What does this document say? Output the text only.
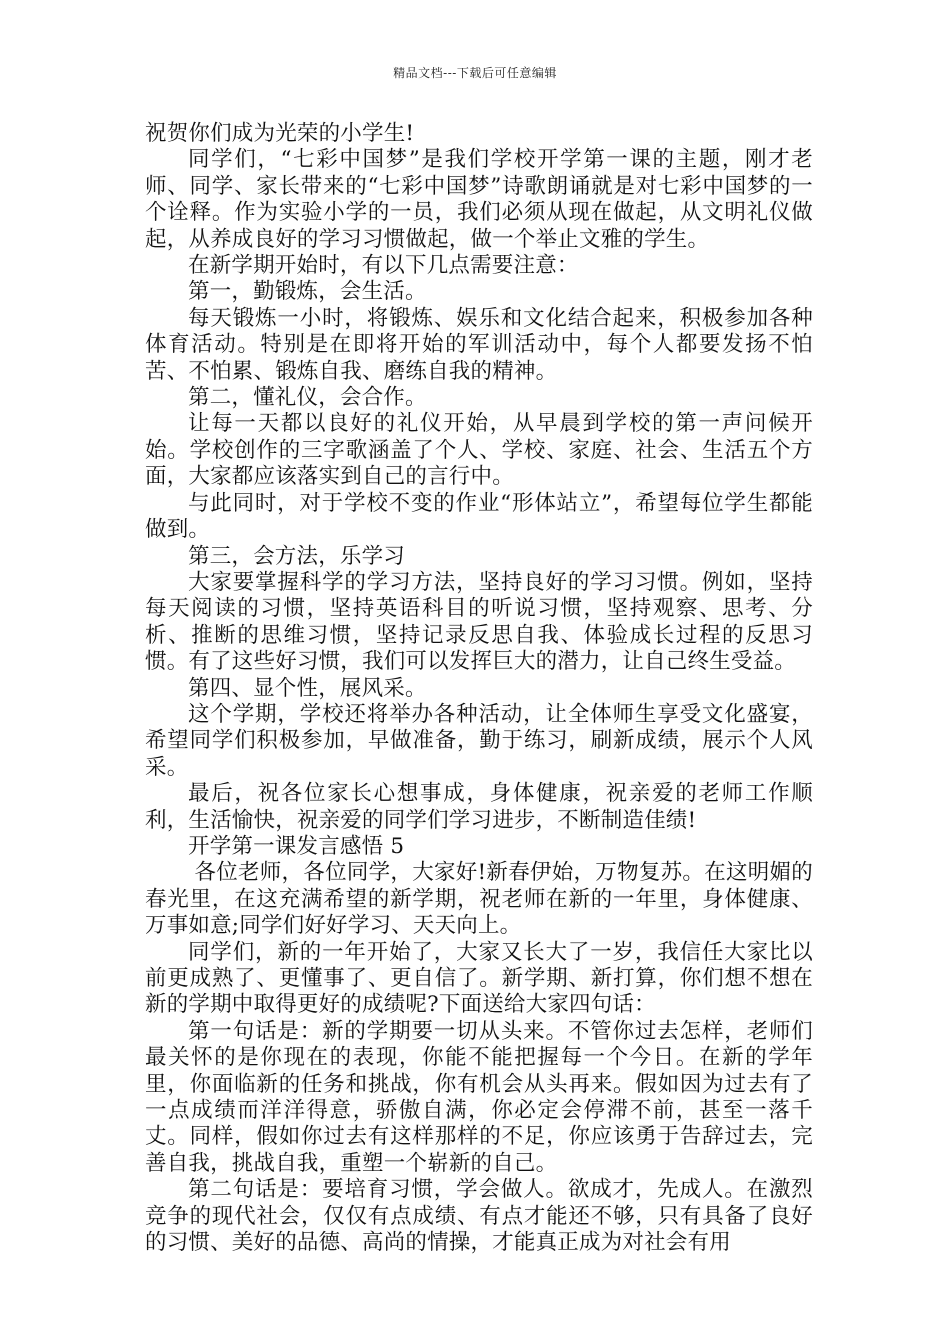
精品文档---下载后可任意编辑

祝贺你们成为光荣的小学生!

同学们，“七彩中国梦”是我们学校开学第一课的主题，刚才老师、同学、家长带来的“七彩中国梦”诗歌朗诵就是对七彩中国梦的一个诠释。作为实验小学的一员，我们必须从现在做起，从文明礼仪做起，从养成良好的学习习惯做起，做一个举止文雅的学生。

在新学期开始时，有以下几点需要注意：

第一，勤锻炼，会生活。

每天锻炼一小时，将锻炼、娱乐和文化结合起来，积极参加各种体育活动。特别是在即将开始的军训活动中，每个人都要发扬不怕苦、不怕累、锻炼自我、磨练自我的精神。

第二，懂礼仪，会合作。

让每一天都以良好的礼仪开始，从早晨到学校的第一声问候开始。学校创作的三字歌涵盖了个人、学校、家庭、社会、生活五个方面，大家都应该落实到自己的言行中。

与此同时，对于学校不变的作业“形体站立”，希望每位学生都能做到。

第三，会方法，乐学习

大家要掌握科学的学习方法，坚持良好的学习习惯。例如，坚持每天阅读的习惯，坚持英语科目的听说习惯，坚持观察、思考、分析、推断的思维习惯，坚持记录反思自我、体验成长过程的反思习惯。有了这些好习惯，我们可以发挥巨大的潜力，让自己终生受益。

第四、显个性，展风采。

这个学期，学校还将举办各种活动，让全体师生享受文化盛宴，希望同学们积极参加，早做准备，勤于练习，刷新成绩，展示个人风采。

最后，祝各位家长心想事成，身体健康，祝亲爱的老师工作顺利，生活愉快，祝亲爱的同学们学习进步，不断制造佳绩!

开学第一课发言感悟 5

各位老师，各位同学，大家好!新春伊始，万物复苏。在这明媚的春光里，在这充满希望的新学期，祝老师在新的一年里，身体健康、万事如意;同学们好好学习、天天向上。

同学们，新的一年开始了，大家又长大了一岁，我信任大家比以前更成熟了、更懂事了、更自信了。新学期、新打算，你们想不想在新的学期中取得更好的成绩呢?下面送给大家四句话：

第一句话是：新的学期要一切从头来。不管你过去怎样，老师们最关怀的是你现在的表现，你能不能把握每一个今日。在新的学年里，你面临新的任务和挑战，你有机会从头再来。假如因为过去有了一点成绩而洋洋得意，骄傲自满，你必定会停滞不前，甚至一落千丈。同样，假如你过去有这样那样的不足，你应该勇于告辞过去，完善自我，挑战自我，重塑一个崭新的自己。

第二句话是：要培育习惯，学会做人。欲成才，先成人。在激烈竞争的现代社会，仅仅有点成绩、有点才能还不够，只有具备了良好的习惯、美好的品德、高尚的情操，才能真正成为对社会有用
